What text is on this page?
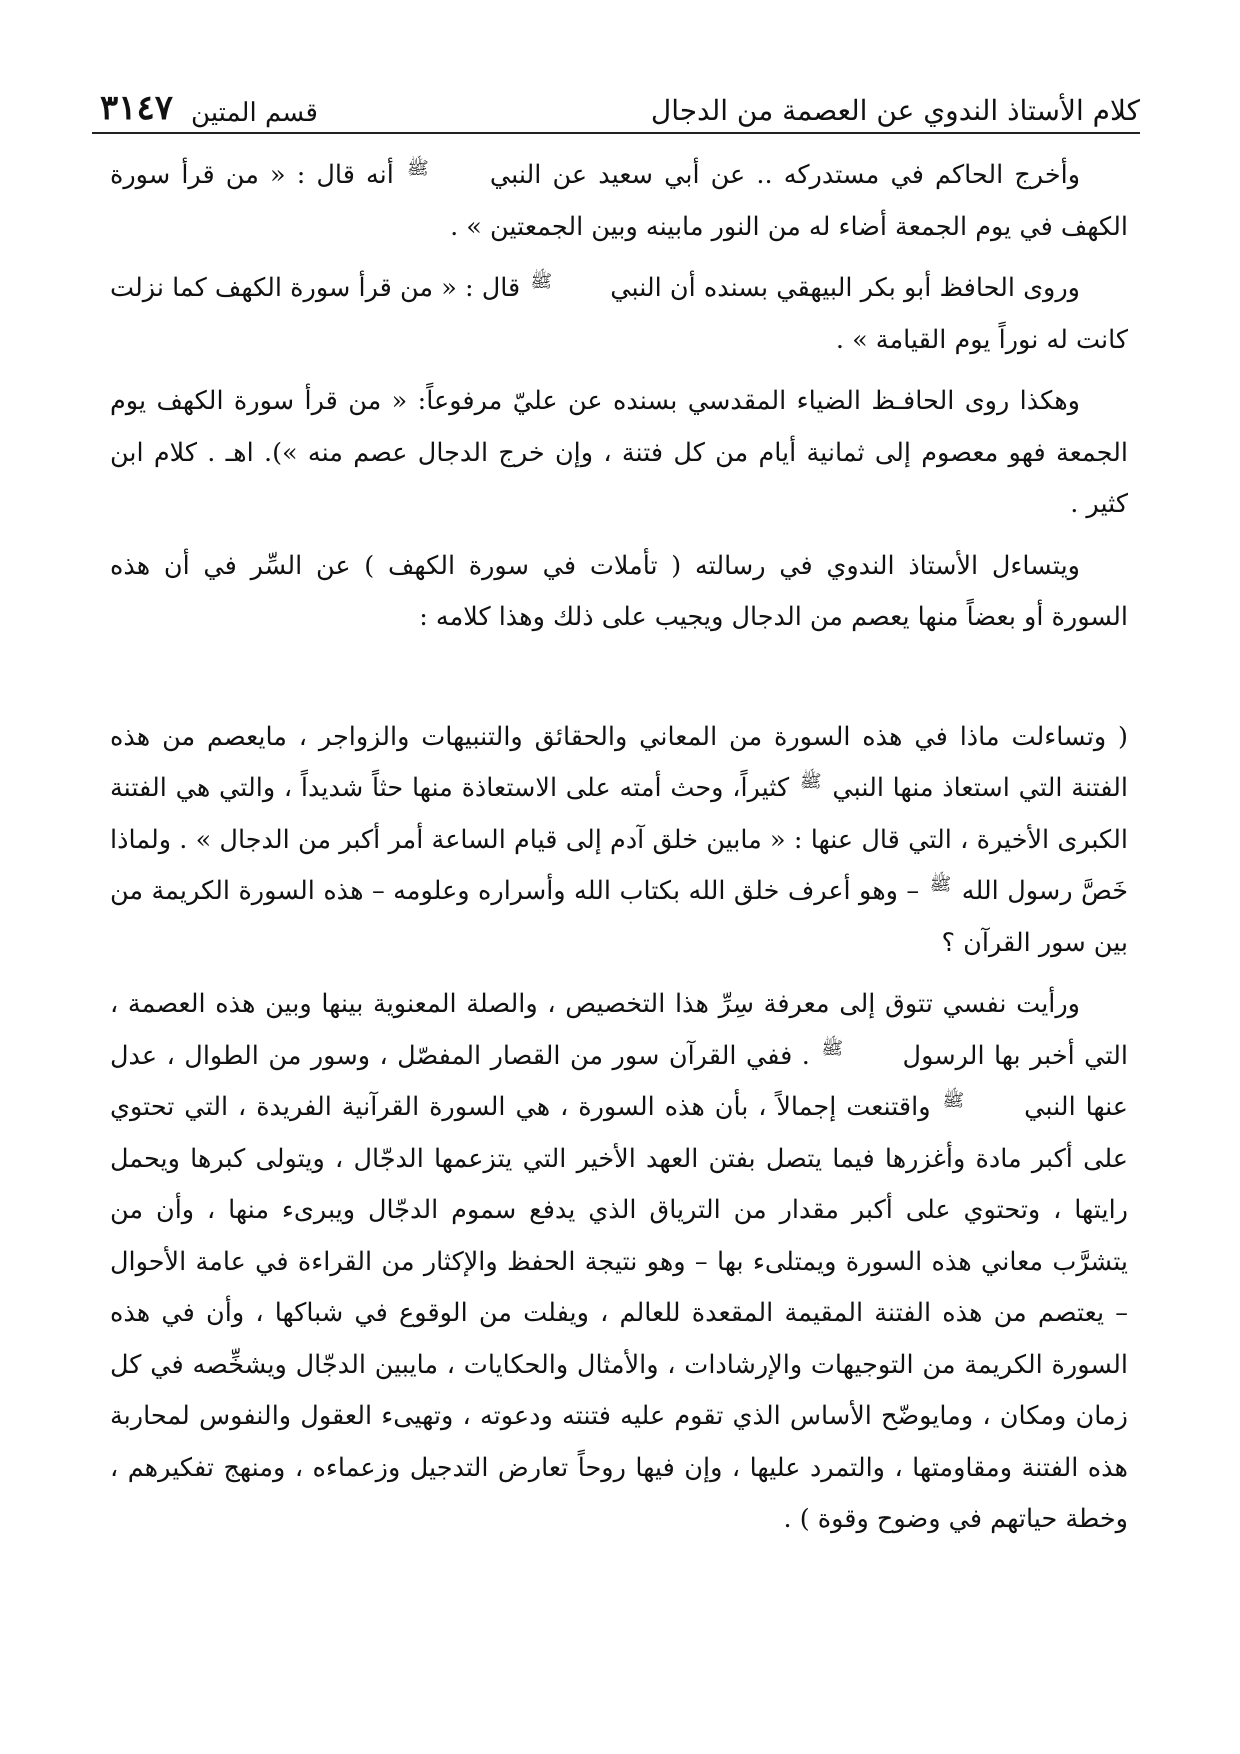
كلام الأستاذ الندوي عن العصمة من الدجال
قسم المتين
٣١٤٧

وأخرج الحاكم في مستدركه .. عن أبي سعيد عن النبي ﷺ أنه قال : « من قرأ سورة الكهف في يوم الجمعة أضاء له من النور مابينه وبين الجمعتين » .

وروى الحافظ أبو بكر البيهقي بسنده أن النبي ﷺ قال : « من قرأ سورة الكهف كما نزلت كانت له نوراً يوم القيامة » .

وهكذا روى الحافـظ الضياء المقدسي بسنده عن عليّ مرفوعاً: « من قرأ سورة الكهف يوم الجمعة فهو معصوم إلى ثمانية أيام من كل فتنة ، وإن خرج الدجال عصم منه »). اهـ . كلام ابن كثير .

ويتساءل الأستاذ الندوي في رسالته ( تأملات في سورة الكهف ) عن السِّر في أن هذه السورة أو بعضاً منها يعصم من الدجال ويجيب على ذلك وهذا كلامه :

( وتساءلت ماذا في هذه السورة من المعاني والحقائق والتنبيهات والزواجر ، مايعصم من هذه الفتنة التي استعاذ منها النبي ﷺ كثيراً، وحث أمته على الاستعاذة منها حثاً شديداً ، والتي هي الفتنة الكبرى الأخيرة ، التي قال عنها : « مابين خلق آدم إلى قيام الساعة أمر أكبر من الدجال » . ولماذا خَصَّ رسول الله ﷺ – وهو أعرف خلق الله بكتاب الله وأسراره وعلومه – هذه السورة الكريمة من بين سور القرآن ؟

ورأيت نفسي تتوق إلى معرفة سِرِّ هذا التخصيص ، والصلة المعنوية بينها وبين هذه العصمة ، التي أخبر بها الرسول ﷺ . ففي القرآن سور من القصار المفصّل ، وسور من الطوال ، عدل عنها النبي ﷺ واقتنعت إجمالاً ، بأن هذه السورة ، هي السورة القرآنية الفريدة ، التي تحتوي على أكبر مادة وأغزرها فيما يتصل بفتن العهد الأخير التي يتزعمها الدجّال ، ويتولى كبرها ويحمل رايتها ، وتحتوي على أكبر مقدار من الترياق الذي يدفع سموم الدجّال ويبرىء منها ، وأن من يتشرَّب معاني هذه السورة ويمتلىء بها – وهو نتيجة الحفظ والإكثار من القراءة في عامة الأحوال – يعتصم من هذه الفتنة المقيمة المقعدة للعالم ، ويفلت من الوقوع في شباكها ، وأن في هذه السورة الكريمة من التوجيهات والإرشادات ، والأمثال والحكايات ، مايبين الدجّال ويشخِّصه في كل زمان ومكان ، ومايوضّح الأساس الذي تقوم عليه فتنته ودعوته ، وتهيىء العقول والنفوس لمحاربة هذه الفتنة ومقاومتها ، والتمرد عليها ، وإن فيها روحاً تعارض التدجيل وزعماءه ، ومنهج تفكيرهم ، وخطة حياتهم في وضوح وقوة ) .
